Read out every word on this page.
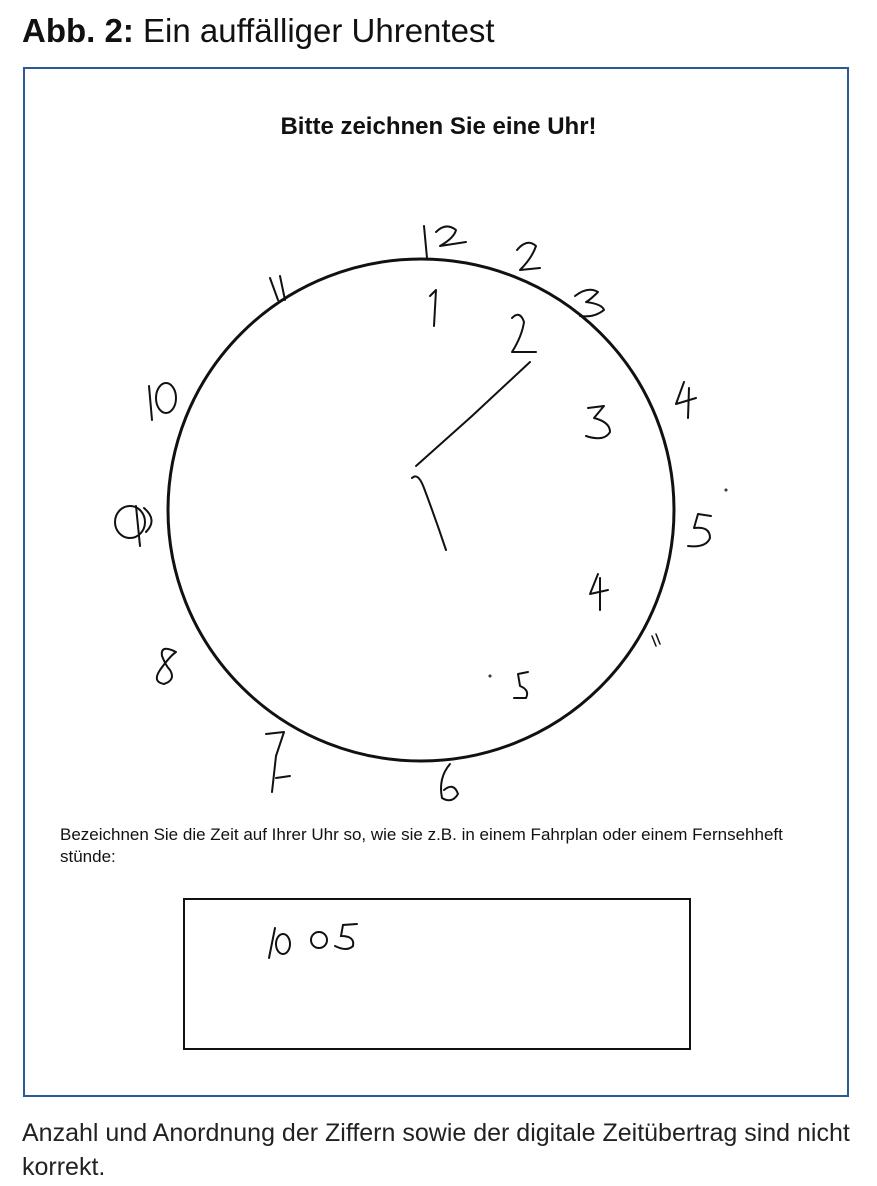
Abb. 2: Ein auffälliger Uhrentest
Bitte zeichnen Sie eine Uhr!
Bezeichnen Sie die Zeit auf Ihrer Uhr so, wie sie z.B. in einem Fahrplan oder einem Fernsehheft stünde:
Anzahl und Anordnung der Ziffern sowie der digitale Zeitübertrag sind nicht korrekt.
